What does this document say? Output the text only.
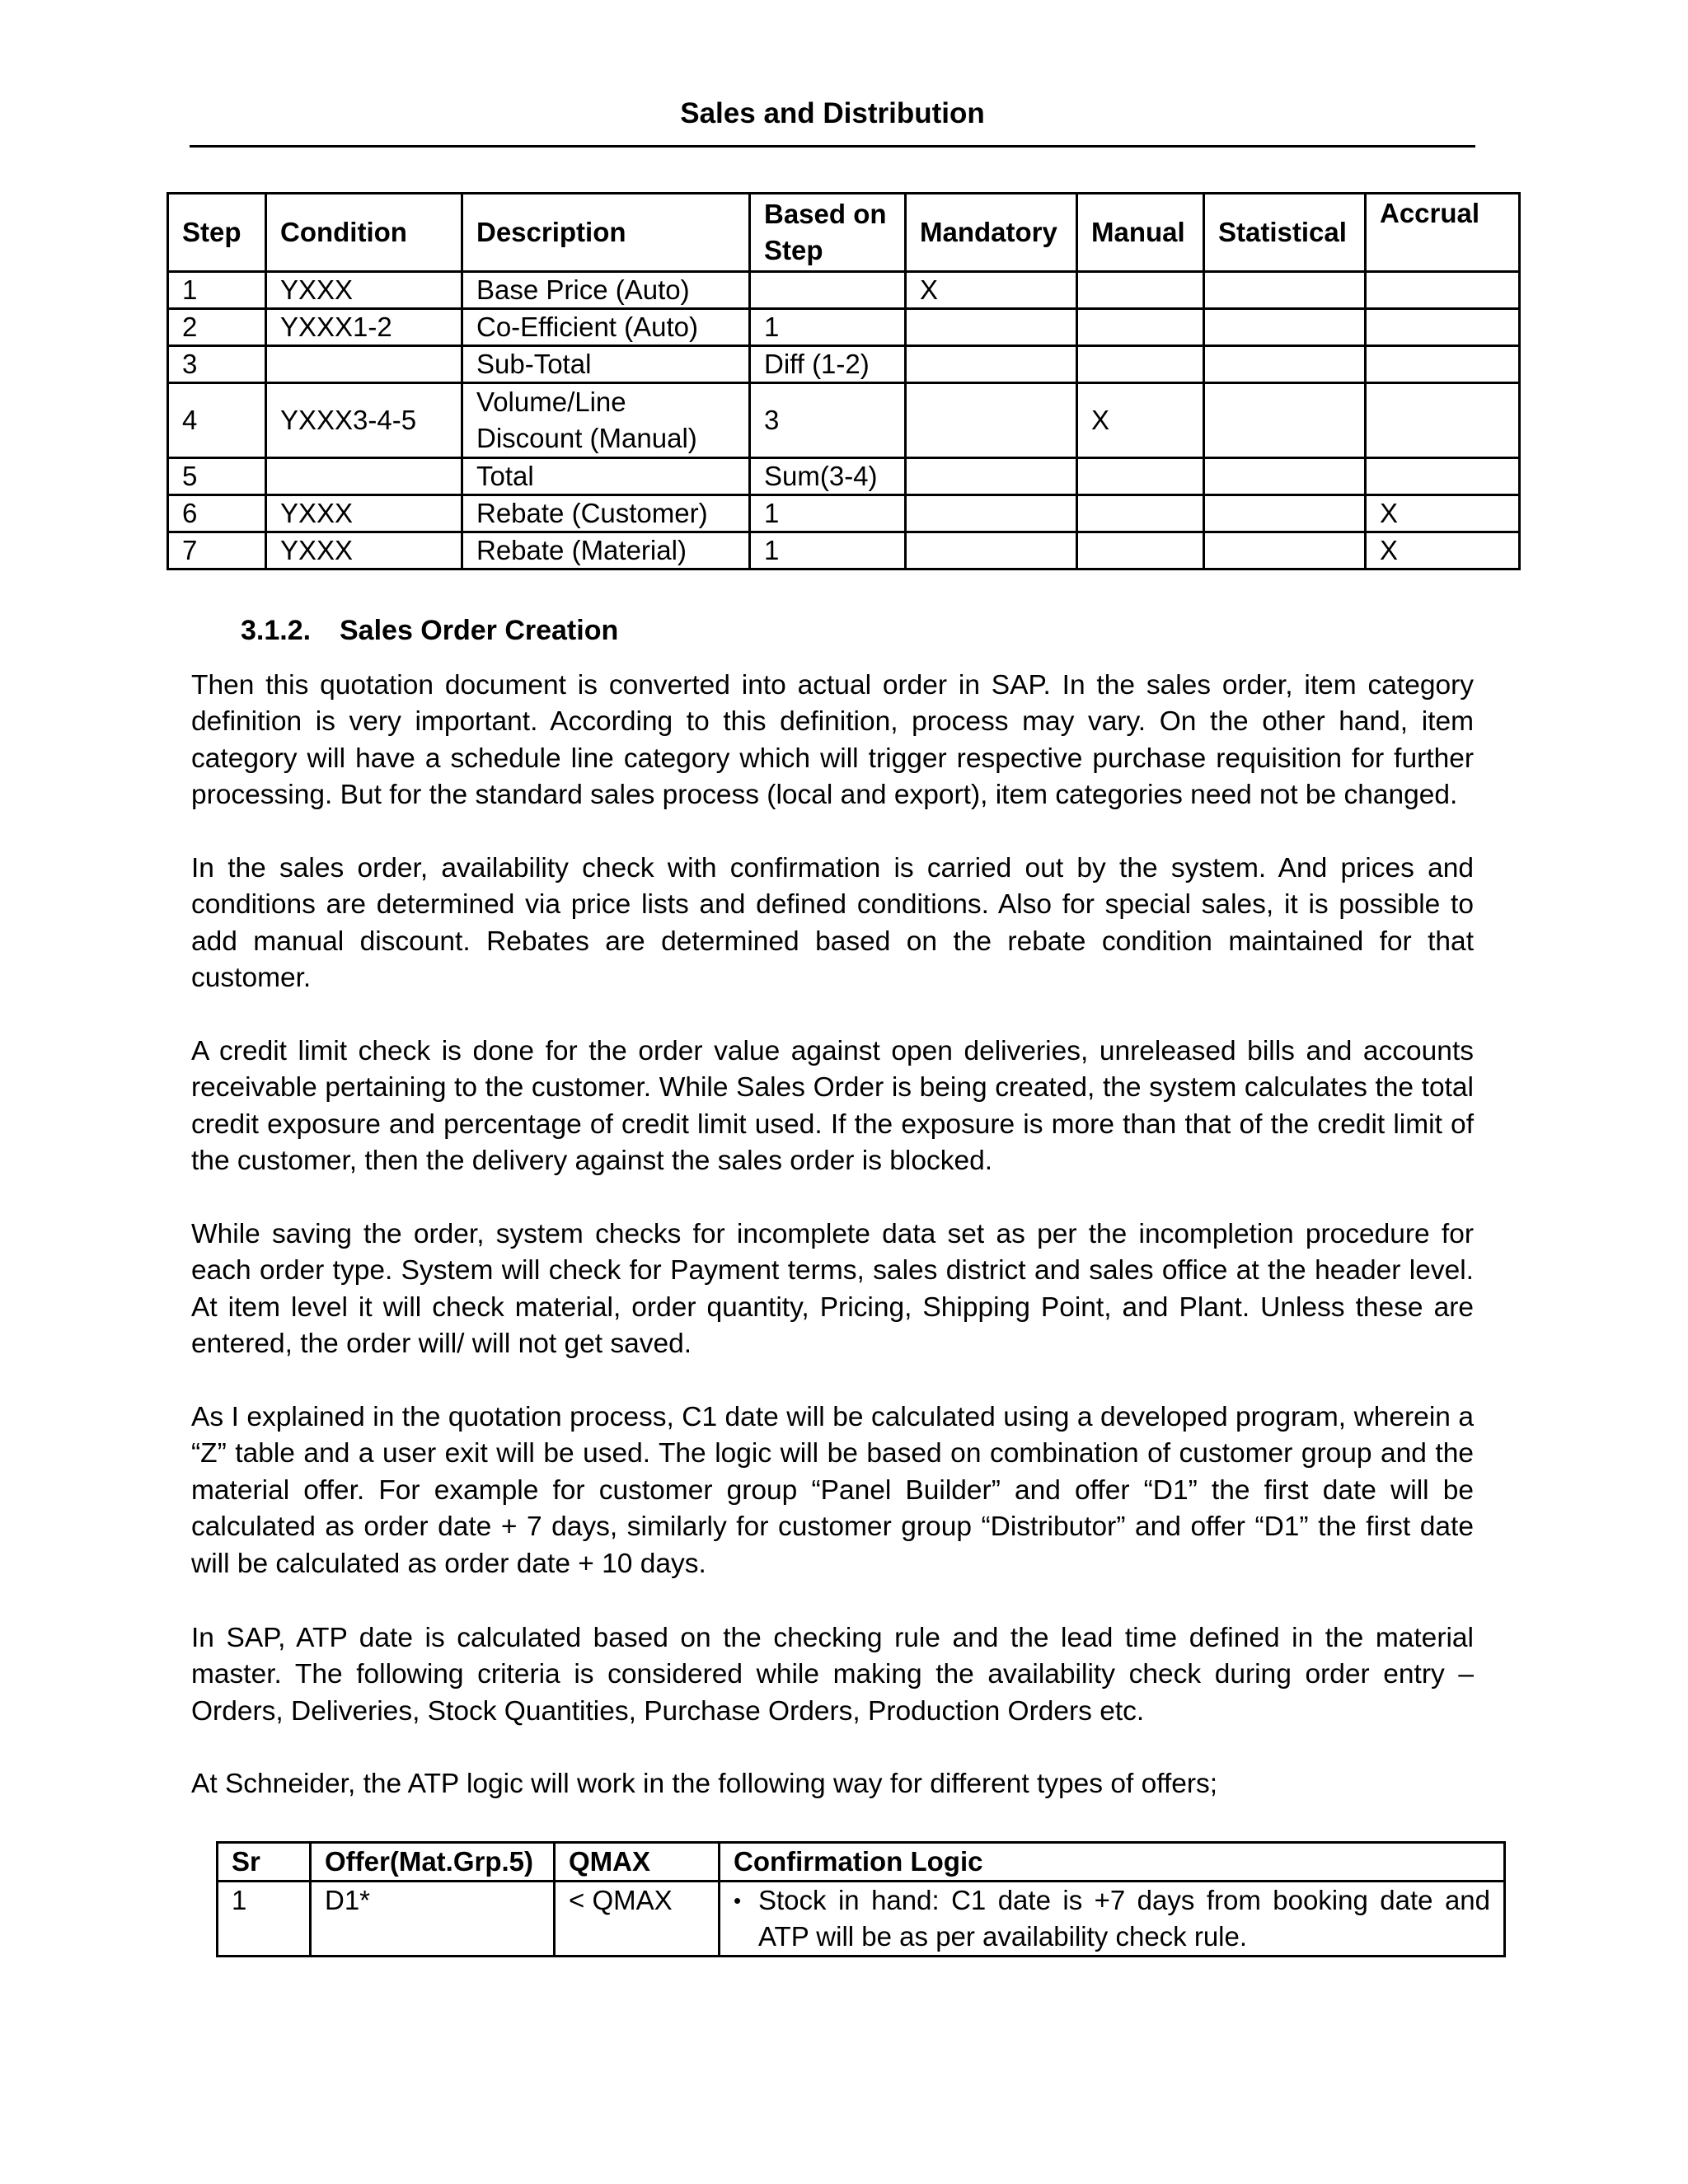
Sales and Distribution
Step	Condition	Description	Based on Step	Mandatory	Manual	Statistical	Accrual
1	YXXX	Base Price (Auto)		X			
2	YXXX1-2	Co-Efficient (Auto)	1				
3		Sub-Total	Diff (1-2)				
4	YXXX3-4-5	Volume/Line Discount (Manual)	3		X		
5		Total	Sum(3-4)				
6	YXXX	Rebate (Customer)	1				X
7	YXXX	Rebate (Material)	1				X
3.1.2. Sales Order Creation

Then this quotation document is converted into actual order in SAP. In the sales order, item category definition is very important. According to this definition, process may vary. On the other hand, item category will have a schedule line category which will trigger respective purchase requisition for further processing. But for the standard sales process (local and export), item categories need not be changed.

In the sales order, availability check with confirmation is carried out by the system. And prices and conditions are determined via price lists and defined conditions. Also for special sales, it is possible to add manual discount. Rebates are determined based on the rebate condition maintained for that customer.

A credit limit check is done for the order value against open deliveries, unreleased bills and accounts receivable pertaining to the customer. While Sales Order is being created, the system calculates the total credit exposure and percentage of credit limit used. If the exposure is more than that of the credit limit of the customer, then the delivery against the sales order is blocked.

While saving the order, system checks for incomplete data set as per the incompletion procedure for each order type. System will check for Payment terms, sales district and sales office at the header level. At item level it will check material, order quantity, Pricing, Shipping Point, and Plant. Unless these are entered, the order will/ will not get saved.

As I explained in the quotation process, C1 date will be calculated using a developed program, wherein a “Z” table and a user exit will be used. The logic will be based on combination of customer group and the material offer. For example for customer group “Panel Builder” and offer “D1” the first date will be calculated as order date + 7 days, similarly for customer group “Distributor” and offer “D1” the first date will be calculated as order date + 10 days.

In SAP, ATP date is calculated based on the checking rule and the lead time defined in the material master. The following criteria is considered while making the availability check during order entry – Orders, Deliveries, Stock Quantities, Purchase Orders, Production Orders etc.

At Schneider, the ATP logic will work in the following way for different types of offers;

Sr	Offer(Mat.Grp.5)	QMAX	Confirmation Logic
1	D1*	< QMAX	• Stock in hand: C1 date is +7 days from booking date and ATP will be as per availability check rule.
